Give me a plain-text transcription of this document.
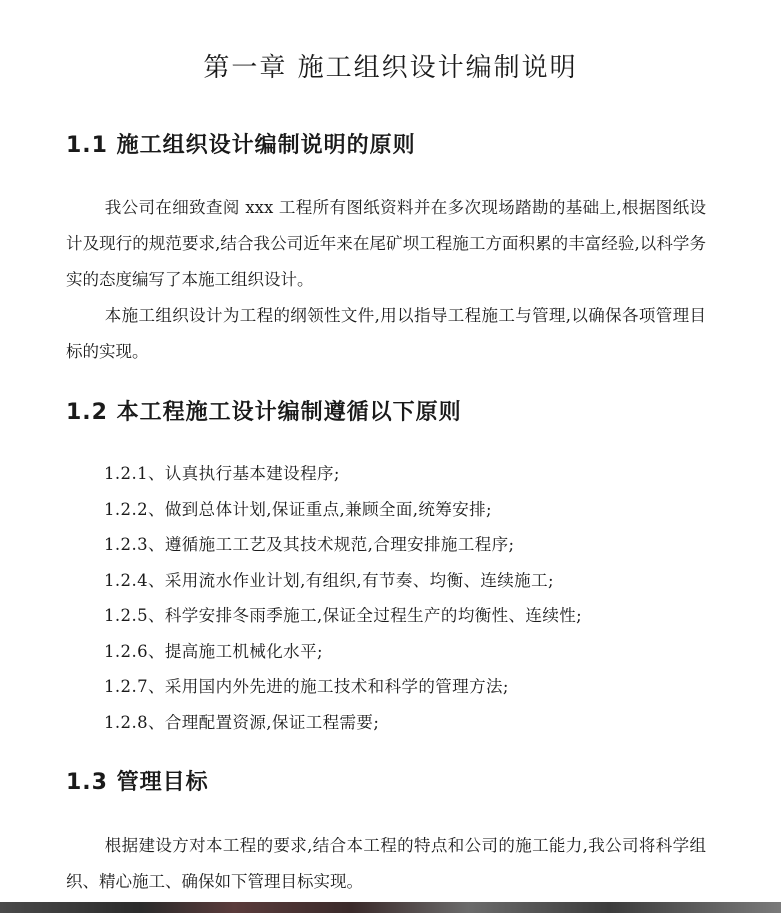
第一章 施工组织设计编制说明
1.1 施工组织设计编制说明的原则

我公司在细致查阅 xxx 工程所有图纸资料并在多次现场踏勘的基础上,根据图纸设计及现行的规范要求,结合我公司近年来在尾矿坝工程施工方面积累的丰富经验,以科学务实的态度编写了本施工组织设计。

本施工组织设计为工程的纲领性文件,用以指导工程施工与管理,以确保各项管理目标的实现。

1.2 本工程施工设计编制遵循以下原则
1.2.1、认真执行基本建设程序;
1.2.2、做到总体计划,保证重点,兼顾全面,统筹安排;
1.2.3、遵循施工工艺及其技术规范,合理安排施工程序;
1.2.4、采用流水作业计划,有组织,有节奏、均衡、连续施工;
1.2.5、科学安排冬雨季施工,保证全过程生产的均衡性、连续性;
1.2.6、提高施工机械化水平;
1.2.7、采用国内外先进的施工技术和科学的管理方法;
1.2.8、合理配置资源,保证工程需要;
1.3 管理目标

根据建设方对本工程的要求,结合本工程的特点和公司的施工能力,我公司将科学组织、精心施工、确保如下管理目标实现。
